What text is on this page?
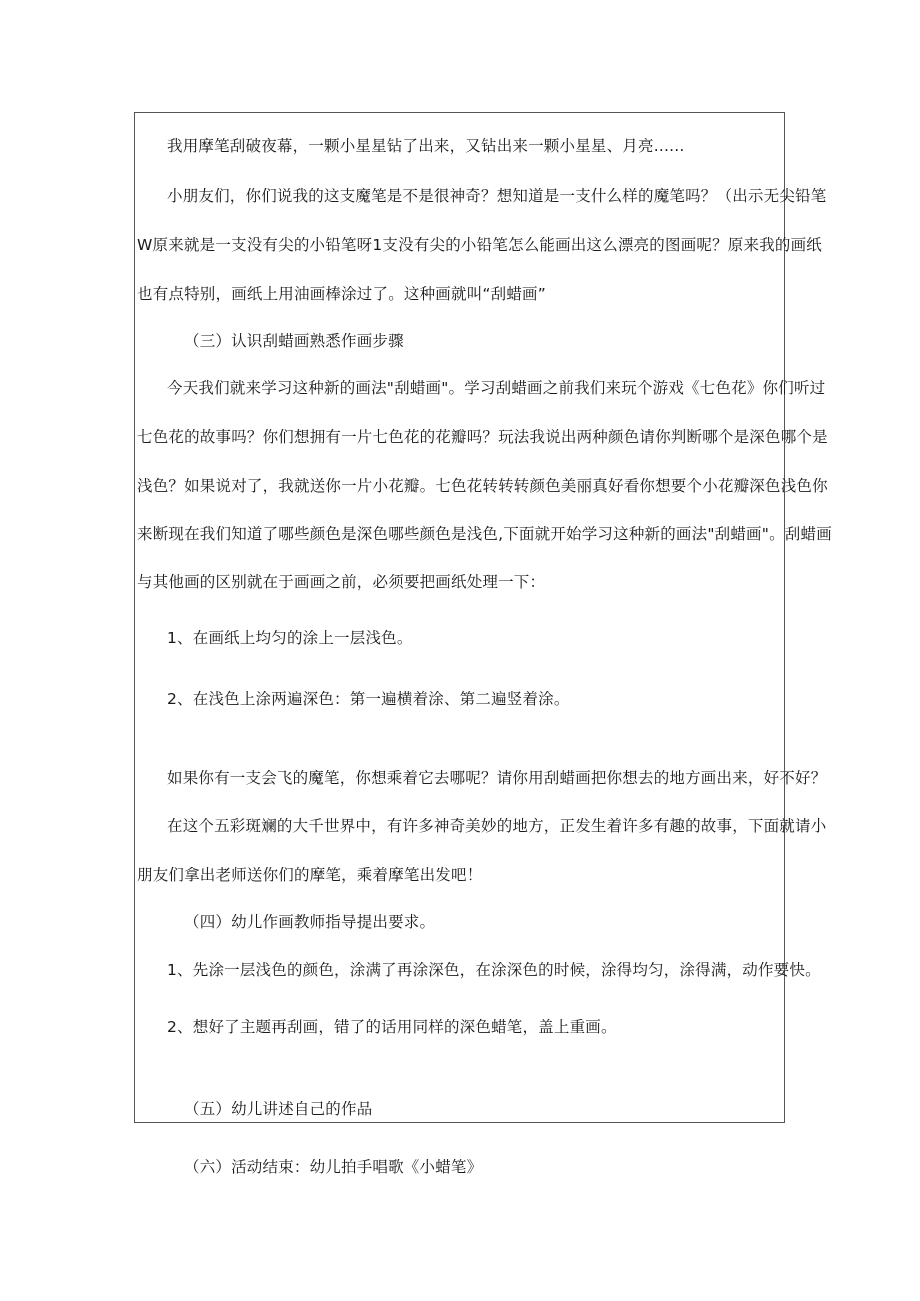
我用摩笔刮破夜幕，一颗小星星钻了出来，又钻出来一颗小星星、月亮......
小朋友们，你们说我的这支魔笔是不是很神奇？想知道是一支什么样的魔笔吗？（出示无尖铅笔
W原来就是一支没有尖的小铅笔呀1支没有尖的小铅笔怎么能画出这么漂亮的图画呢？原来我的画纸
也有点特别，画纸上用油画棒涂过了。这种画就叫“刮蜡画”
（三）认识刮蜡画熟悉作画步骤
今天我们就来学习这种新的画法"刮蜡画"。学习刮蜡画之前我们来玩个游戏《七色花》你们听过
七色花的故事吗？你们想拥有一片七色花的花瓣吗？玩法我说出两种颜色请你判断哪个是深色哪个是
浅色？如果说对了，我就送你一片小花瓣。七色花转转转颜色美丽真好看你想要个小花瓣深色浅色你
来断现在我们知道了哪些颜色是深色哪些颜色是浅色,下面就开始学习这种新的画法"刮蜡画"。刮蜡画
与其他画的区别就在于画画之前，必须要把画纸处理一下：
1、在画纸上均匀的涂上一层浅色。
2、在浅色上涂两遍深色：第一遍横着涂、第二遍竖着涂。
如果你有一支会飞的魔笔，你想乘着它去哪呢？请你用刮蜡画把你想去的地方画出来，好不好？
在这个五彩斑斓的大千世界中，有许多神奇美妙的地方，正发生着许多有趣的故事，下面就请小
朋友们拿出老师送你们的摩笔，乘着摩笔出发吧！
（四）幼儿作画教师指导提出要求。
1、先涂一层浅色的颜色，涂满了再涂深色，在涂深色的时候，涂得均匀，涂得满，动作要快。
2、想好了主题再刮画，错了的话用同样的深色蜡笔，盖上重画。
（五）幼儿讲述自己的作品
（六）活动结束：幼儿拍手唱歌《小蜡笔》
